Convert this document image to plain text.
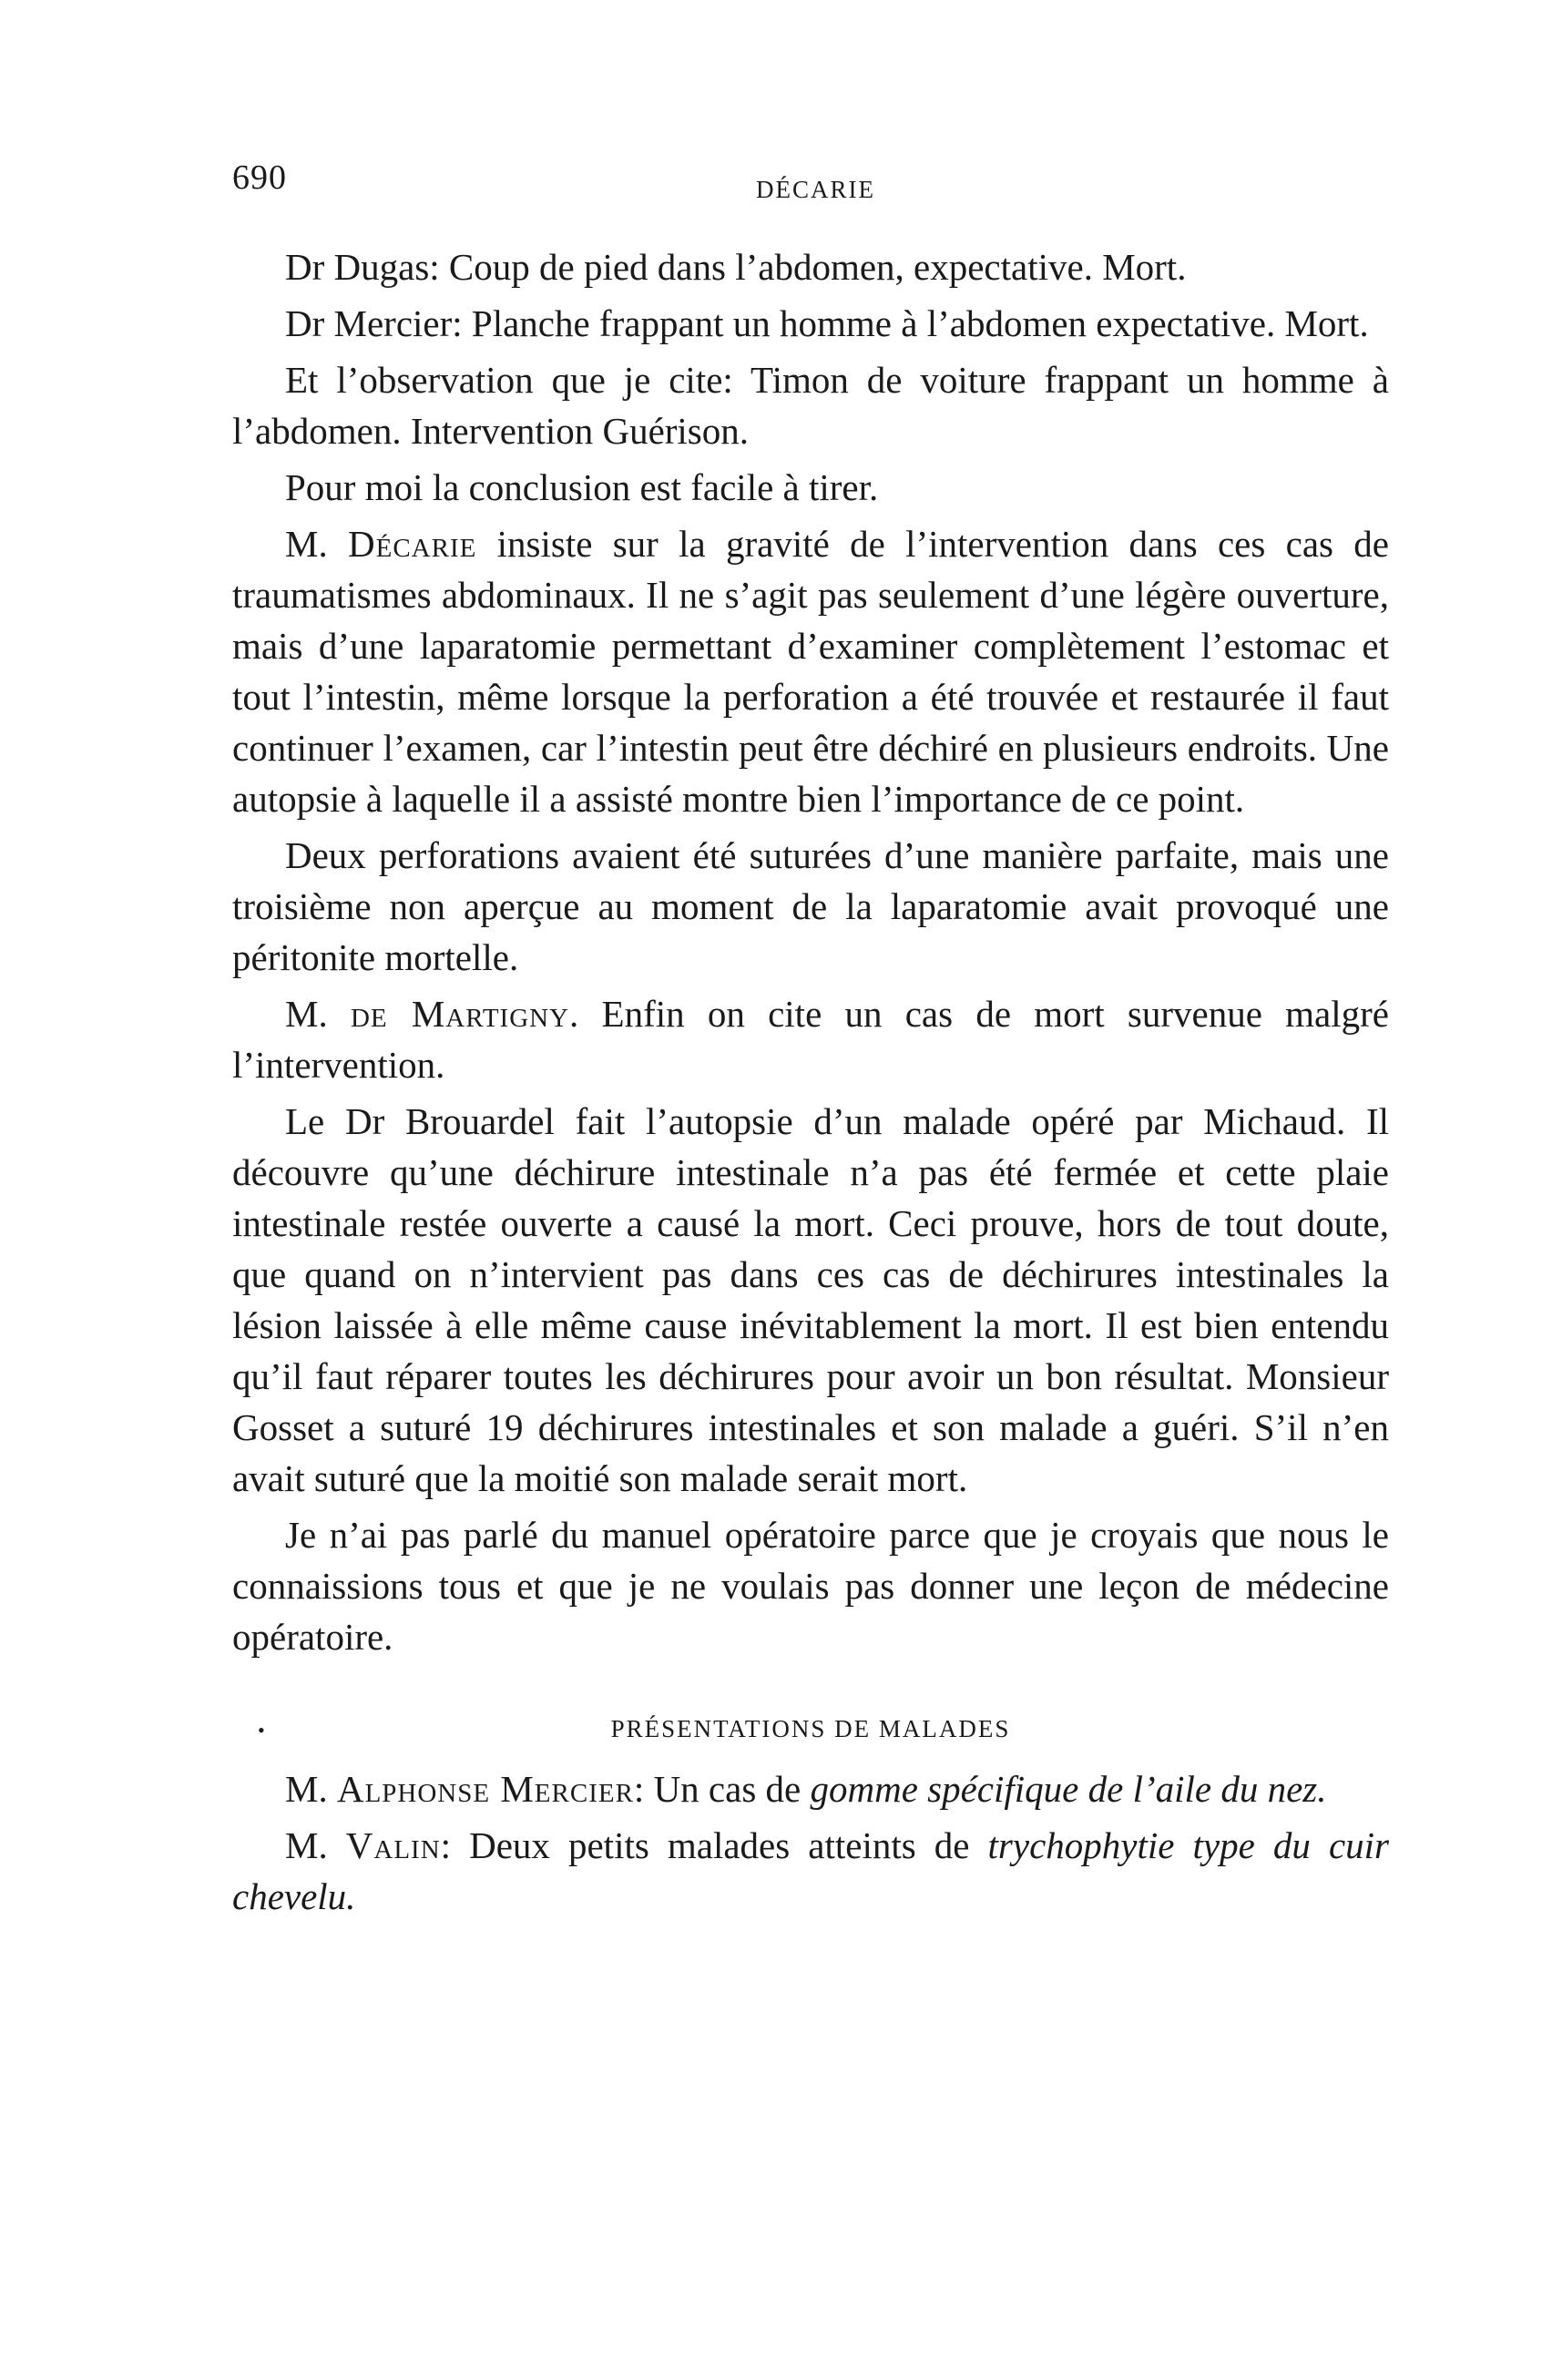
690	DÉCARIE

Dr Dugas: Coup de pied dans l’abdomen, expectative. Mort.

Dr Mercier: Planche frappant un homme à l’abdomen expectative. Mort.

Et l’observation que je cite: Timon de voiture frappant un homme à l’abdomen. Intervention Guérison.

Pour moi la conclusion est facile à tirer.

M. Décarie insiste sur la gravité de l’intervention dans ces cas de traumatismes abdominaux. Il ne s’agit pas seulement d’une légère ouverture, mais d’une laparatomie permettant d’examiner complètement l’estomac et tout l’intestin, même lorsque la perforation a été trouvée et restaurée il faut continuer l’examen, car l’intestin peut être déchiré en plusieurs endroits. Une autopsie à laquelle il a assisté montre bien l’importance de ce point.

Deux perforations avaient été suturées d’une manière parfaite, mais une troisième non aperçue au moment de la laparatomie avait provoqué une péritonite mortelle.

M. de Martigny. Enfin on cite un cas de mort survenue malgré l’intervention.

Le Dr Brouardel fait l’autopsie d’un malade opéré par Michaud. Il découvre qu’une déchirure intestinale n’a pas été fermée et cette plaie intestinale restée ouverte a causé la mort. Ceci prouve, hors de tout doute, que quand on n’intervient pas dans ces cas de déchirures intestinales la lésion laissée à elle même cause inévitablement la mort. Il est bien entendu qu’il faut réparer toutes les déchirures pour avoir un bon résultat. Monsieur Gosset a suturé 19 déchirures intestinales et son malade a guéri. S’il n’en avait suturé que la moitié son malade serait mort.

Je n’ai pas parlé du manuel opératoire parce que je croyais que nous le connaissions tous et que je ne voulais pas donner une leçon de médecine opératoire.

•	PRÉSENTATIONS DE MALADES

M. Alphonse Mercier: Un cas de gomme spécifique de l’aile du nez.

M. Valin: Deux petits malades atteints de trychophytie type du cuir chevelu.
